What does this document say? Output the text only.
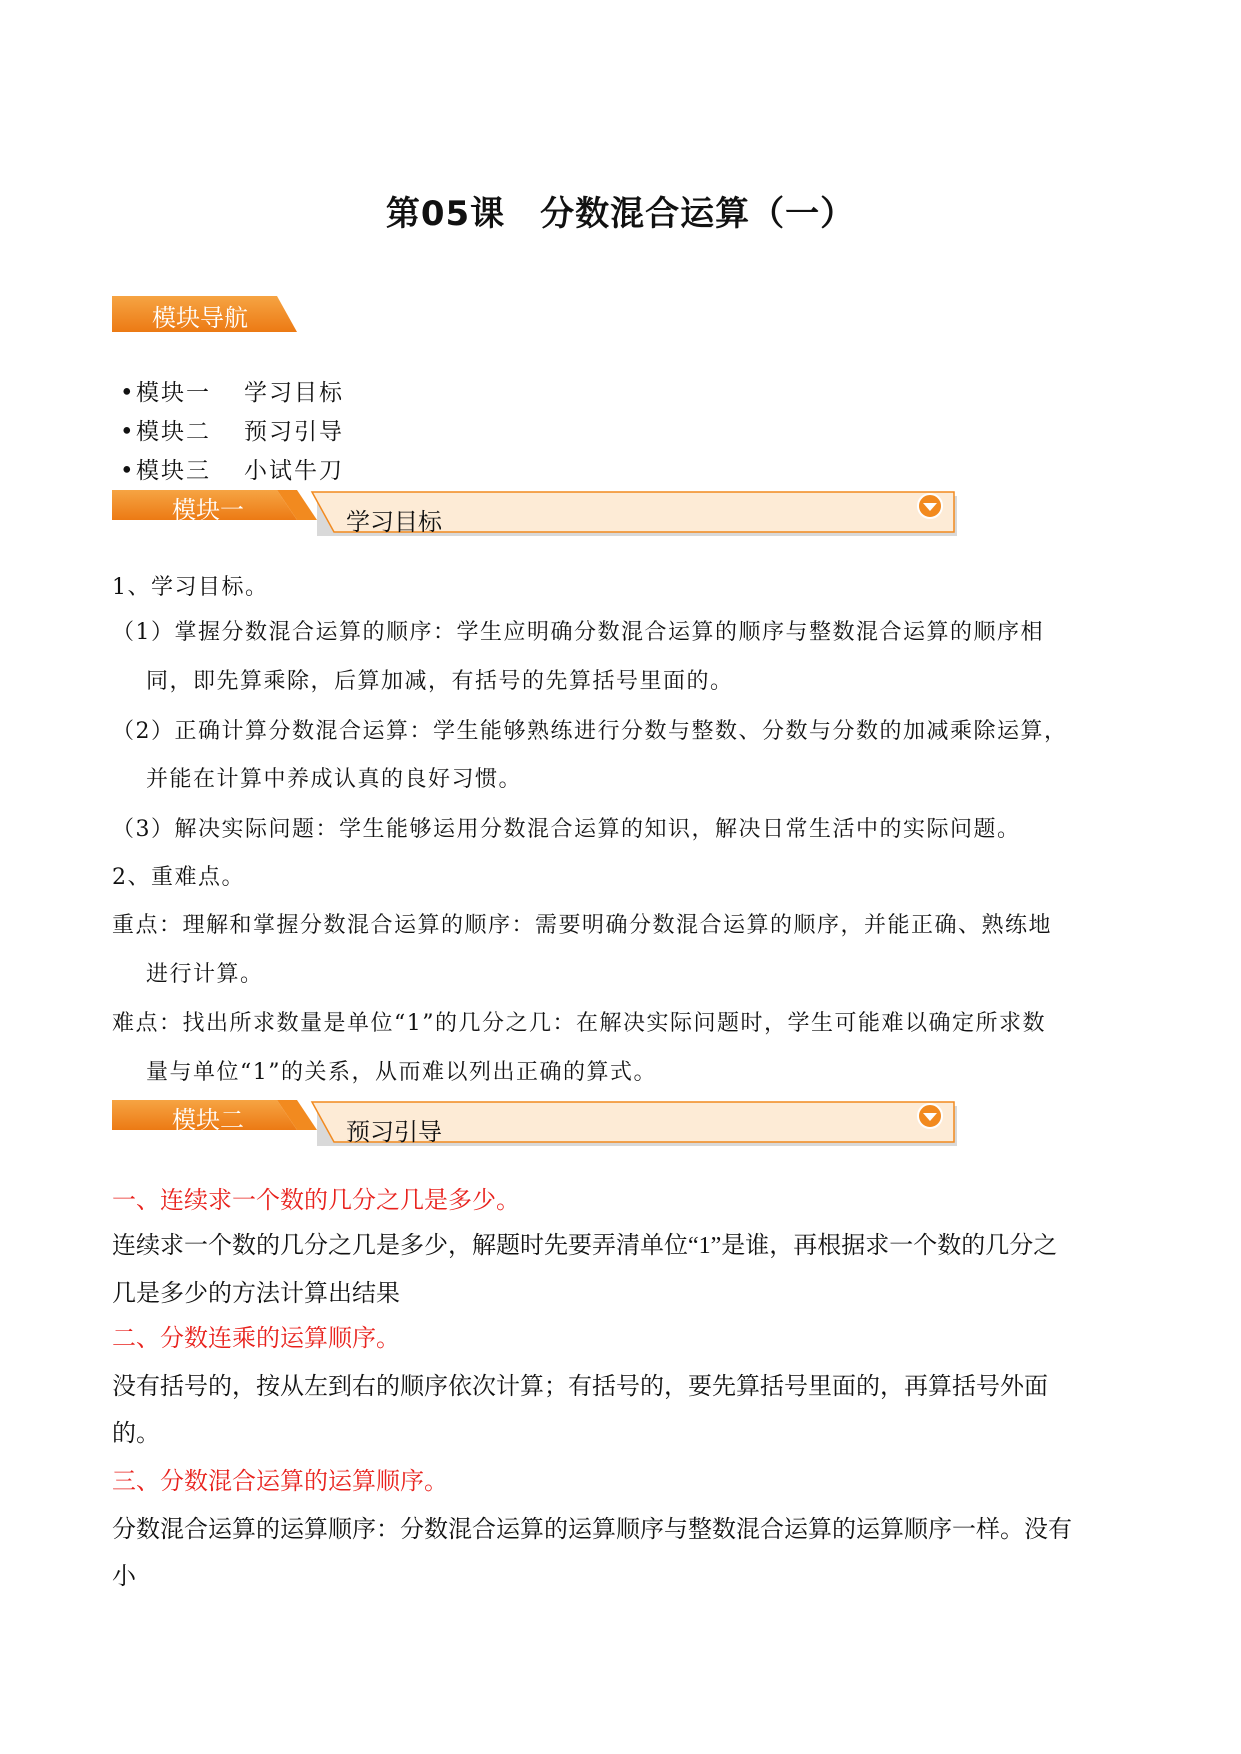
第05课　分数混合运算（一）
模块导航
•模块一 学习目标
•模块二 预习引导
•模块三 小试牛刀
模块一	学习目标

1、学习目标。

（1）掌握分数混合运算的顺序：学生应明确分数混合运算的顺序与整数混合运算的顺序相

同，即先算乘除，后算加减，有括号的先算括号里面的。

（2）正确计算分数混合运算：学生能够熟练进行分数与整数、分数与分数的加减乘除运算，

并能在计算中养成认真的良好习惯。

（3）解决实际问题：学生能够运用分数混合运算的知识，解决日常生活中的实际问题。

2、重难点。

重点：理解和掌握分数混合运算的顺序：需要明确分数混合运算的顺序，并能正确、熟练地

进行计算。

难点：找出所求数量是单位“1”的几分之几：在解决实际问题时，学生可能难以确定所求数

量与单位“1”的关系，从而难以列出正确的算式。

模块二	预习引导

一、连续求一个数的几分之几是多少。

连续求一个数的几分之几是多少，解题时先要弄清单位“1”是谁，再根据求一个数的几分之

几是多少的方法计算出结果

二、分数连乘的运算顺序。

没有括号的，按从左到右的顺序依次计算；有括号的，要先算括号里面的，再算括号外面

的。

三、分数混合运算的运算顺序。

分数混合运算的运算顺序：分数混合运算的运算顺序与整数混合运算的运算顺序一样。没有

小
